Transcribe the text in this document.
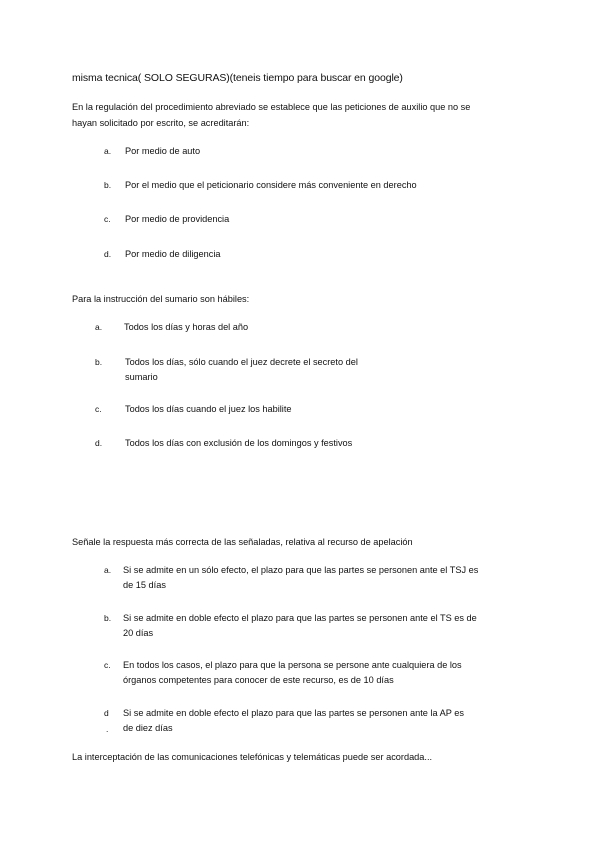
misma tecnica( SOLO SEGURAS)(teneis tiempo para buscar en google)
En la regulación del procedimiento abreviado se establece que las peticiones de auxilio que no se
hayan solicitado por escrito, se acreditarán:
a. Por medio de auto
b. Por el medio que el peticionario considere más conveniente en derecho
c. Por medio de providencia
d. Por medio de diligencia
Para la instrucción del sumario son hábiles:
a. Todos los días y horas del año
b. Todos los días, sólo cuando el juez decrete el secreto del
sumario
c.	Todos los días cuando el juez los habilite
d. Todos los días con exclusión de los domingos y festivos
Señale la respuesta más correcta de las señaladas, relativa al recurso de apelación
a. Si se admite en un sólo efecto, el plazo para que las partes se personen ante el TSJ es
de 15 días
b. Si se admite en doble efecto el plazo para que las partes se personen ante el TS es de
20 días
c. En todos los casos, el plazo para que la persona se persone ante cualquiera de los
órganos competentes para conocer de este recurso, es de 10 días
d
.
Si se admite en doble efecto el plazo para que las partes se personen ante la AP es
de diez días
La interceptación de las comunicaciones telefónicas y telemáticas puede ser acordada...
